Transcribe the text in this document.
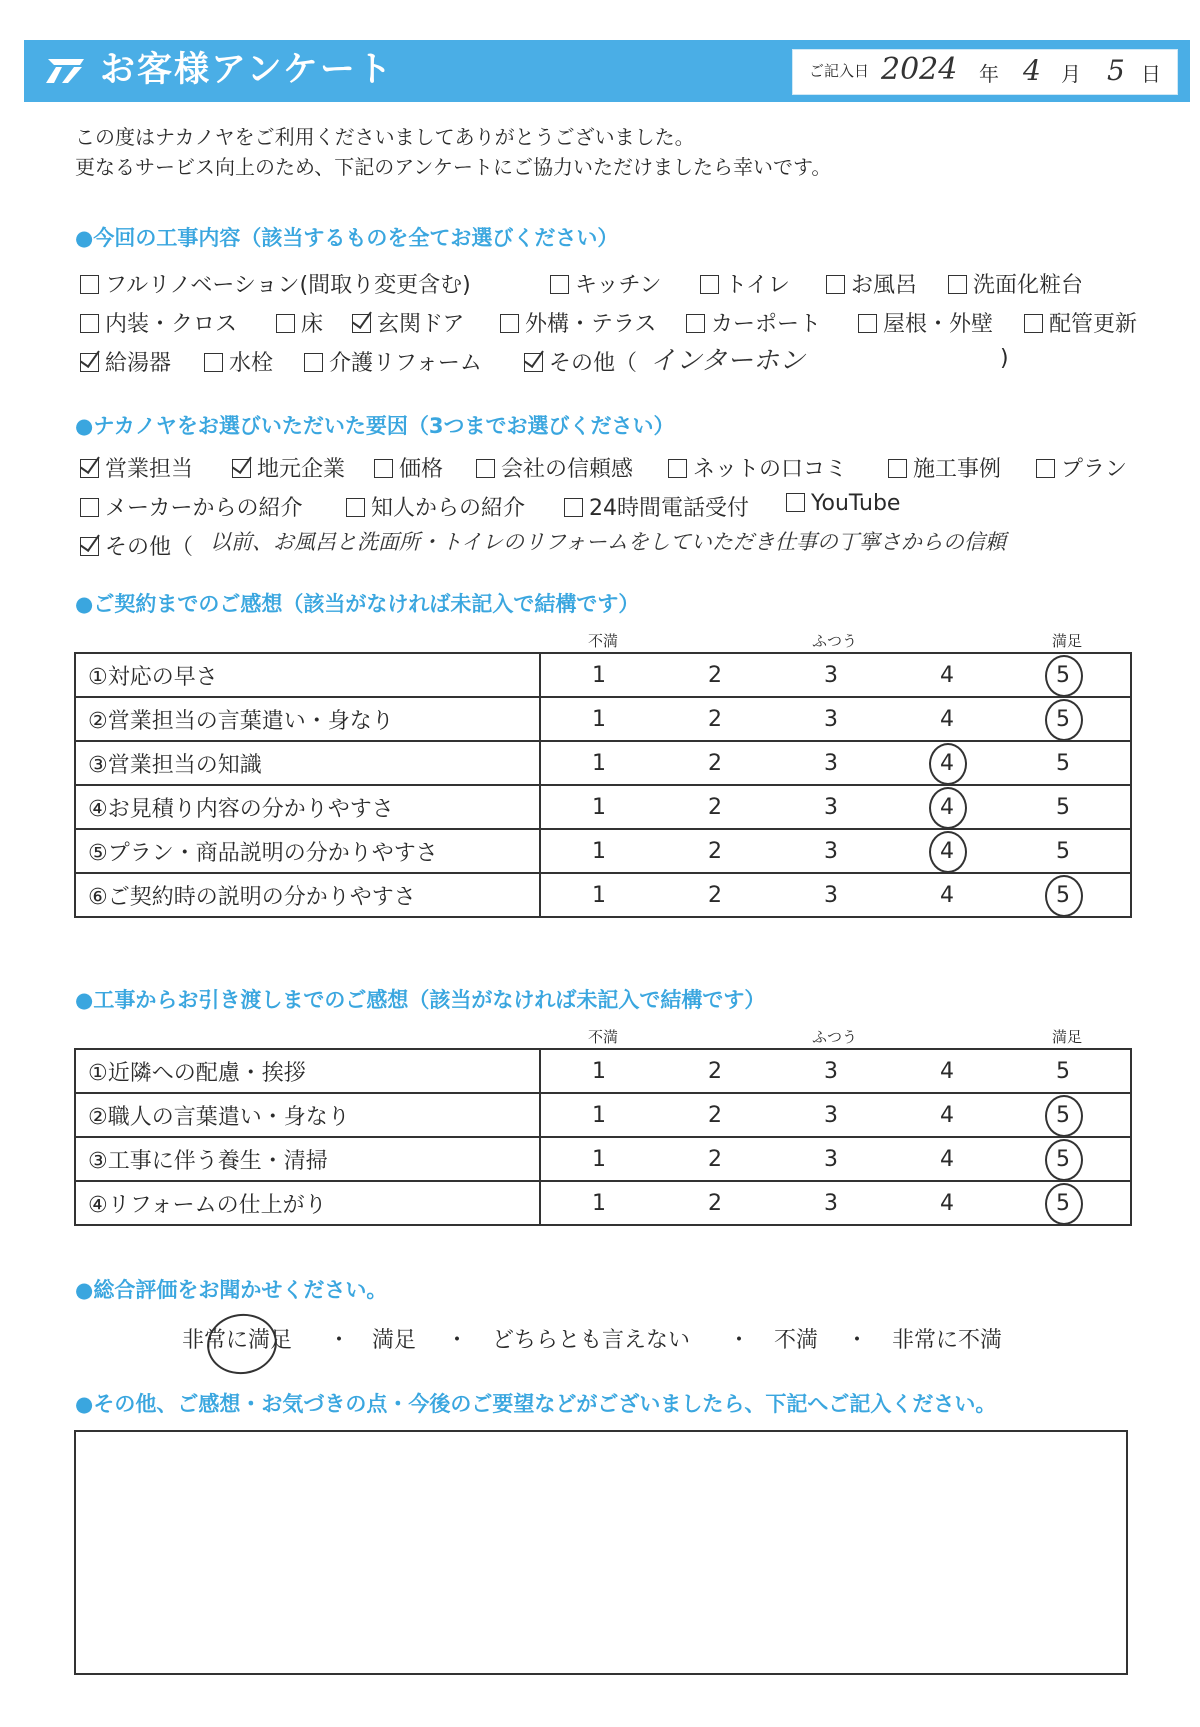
お客様アンケート	ご記入日 2024 年 4 月 5 日
この度はナカノヤをご利用くださいましてありがとうございました。
更なるサービス向上のため、下記のアンケートにご協力いただけましたら幸いです。
●今回の工事内容（該当するものを全てお選びください）
フルリノベーション(間取り変更含む)	キッチン	トイレ	お風呂	洗面化粧台
内装・クロス	床	玄関ドア	外構・テラス	カーポート	屋根・外壁	配管更新
給湯器	水栓	介護リフォーム	その他（ インターホン	)
●ナカノヤをお選びいただいた要因（3つまでお選びください）
営業担当	地元企業	価格	会社の信頼感	ネットの口コミ	施工事例	プラン
メーカーからの紹介	知人からの紹介	24時間電話受付	YouTube
その他（ 以前、お風呂と洗面所・トイレのリフォームをしていただき仕事の丁寧さからの信頼
●ご契約までのご感想（該当がなければ未記入で結構です）
不満	ふつう	満足
①対応の早さ	1 2 3 4 5
②営業担当の言葉遣い・身なり	1 2 3 4 5
③営業担当の知識	1 2 3 4 5
④お見積り内容の分かりやすさ	1 2 3 4 5
⑤プラン・商品説明の分かりやすさ	1 2 3 4 5
⑥ご契約時の説明の分かりやすさ	1 2 3 4 5
●工事からお引き渡しまでのご感想（該当がなければ未記入で結構です）
不満	ふつう	満足
①近隣への配慮・挨拶	1 2 3 4 5
②職人の言葉遣い・身なり	1 2 3 4 5
③工事に伴う養生・清掃	1 2 3 4 5
④リフォームの仕上がり	1 2 3 4 5
●総合評価をお聞かせください。
非常に満足 ・ 満足 ・ どちらとも言えない ・ 不満 ・ 非常に不満
●その他、ご感想・お気づきの点・今後のご要望などがございましたら、下記へご記入ください。
